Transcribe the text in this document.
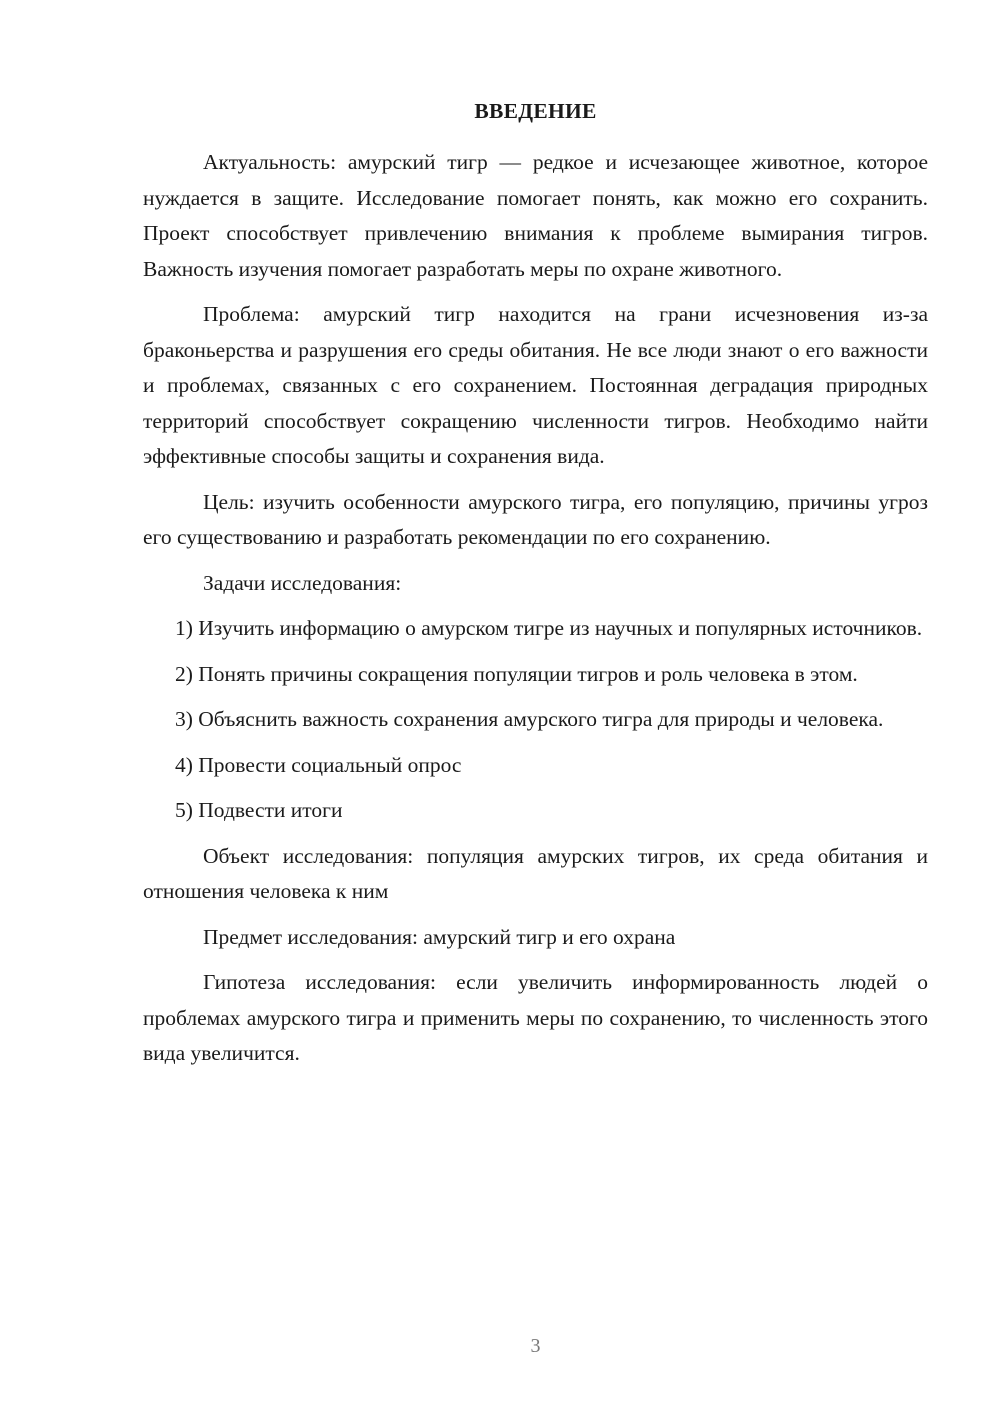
ВВЕДЕНИЕ

Актуальность: амурский тигр — редкое и исчезающее животное, которое нуждается в защите. Исследование помогает понять, как можно его сохранить. Проект способствует привлечению внимания к проблеме вымирания тигров. Важность изучения помогает разработать меры по охране животного.

Проблема: амурский тигр находится на грани исчезновения из-за браконьерства и разрушения его среды обитания. Не все люди знают о его важности и проблемах, связанных с его сохранением. Постоянная деградация природных территорий способствует сокращению численности тигров. Необходимо найти эффективные способы защиты и сохранения вида.

Цель: изучить особенности амурского тигра, его популяцию, причины угроз его существованию и разработать рекомендации по его сохранению.

Задачи исследования:

1) Изучить информацию о амурском тигре из научных и популярных источников.

2) Понять причины сокращения популяции тигров и роль человека в этом.

3) Объяснить важность сохранения амурского тигра для природы и человека.

4) Провести социальный опрос

5) Подвести итоги

Объект исследования: популяция амурских тигров, их среда обитания и отношения человека к ним

Предмет исследования: амурский тигр и его охрана

Гипотеза исследования: если увеличить информированность людей о проблемах амурского тигра и применить меры по сохранению, то численность этого вида увеличится.

3
